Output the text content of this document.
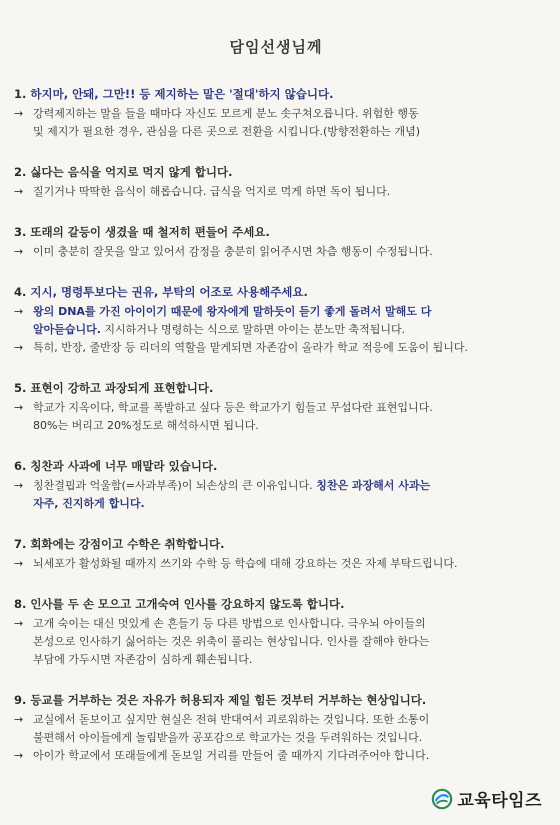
담임선생님께
1. 하지마, 안돼, 그만!! 등 제지하는 말은 '절대'하지 않습니다.
→ 강력제지하는 말을 들을 때마다 자신도 모르게 분노 솟구쳐오릅니다. 위험한 행동
및 제지가 필요한 경우, 관심을 다른 곳으로 전환을 시킵니다.(방향전환하는 개념)
2. 싫다는 음식을 억지로 먹지 않게 합니다.
→ 질기거나 딱딱한 음식이 해롭습니다. 급식을 억지로 먹게 하면 독이 됩니다.
3. 또래의 갈등이 생겼을 때 철저히 편들어 주세요.
→ 이미 충분히 잘못을 알고 있어서 감정을 충분히 읽어주시면 차츰 행동이 수정됩니다.
4. 지시, 명령투보다는 권유, 부탁의 어조로 사용해주세요.
→ 왕의 DNA를 가진 아이이기 때문에 왕자에게 말하듯이 듣기 좋게 돌려서 말해도 다
알아듣습니다. 지시하거나 명령하는 식으로 말하면 아이는 분노만 축적됩니다.
→ 특히, 반장, 줄반장 등 리더의 역할을 맡게되면 자존감이 올라가 학교 적응에 도움이 됩니다.
5. 표현이 강하고 과장되게 표현합니다.
→ 학교가 지옥이다, 학교를 폭발하고 싶다 등은 학교가기 힘들고 무섭다란 표현입니다.
80%는 버리고 20%정도로 해석하시면 됩니다.
6. 칭찬과 사과에 너무 매말라 있습니다.
→ 칭찬결핍과 억울함(=사과부족)이 뇌손상의 큰 이유입니다. 칭찬은 과장해서 사과는
자주, 진지하게 합니다.
7. 회화에는 강점이고 수학은 취학합니다.
→ 뇌세포가 활성화될 때까지 쓰기와 수학 등 학습에 대해 강요하는 것은 자제 부탁드립니다.
8. 인사를 두 손 모으고 고개숙여 인사를 강요하지 않도록 합니다.
→ 고개 숙이는 대신 멋있게 손 흔들기 등 다른 방법으로 인사합니다. 극우뇌 아이들의
본성으로 인사하기 싫어하는 것은 위축이 풀리는 현상입니다. 인사를 잘해야 한다는
부담에 가두시면 자존감이 심하게 훼손됩니다.
9. 등교를 거부하는 것은 자유가 허용되자 제일 힘든 것부터 거부하는 현상입니다.
→ 교실에서 돋보이고 싶지만 현실은 전혀 반대여서 괴로워하는 것입니다. 또한 소통이
불편해서 아이들에게 놀림받을까 공포감으로 학교가는 것을 두려워하는 것입니다.
→ 아이가 학교에서 또래들에게 돋보일 거리를 만들어 줄 때까지 기다려주어야 합니다.
교육타임즈
